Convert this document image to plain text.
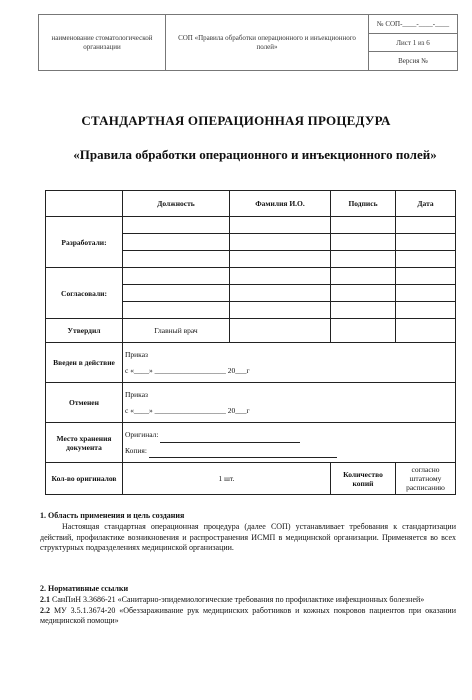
наименование стоматологической организации
СОП «Правила обработки операционного и инъекционного полей»
№ СОП-____-____-____
Лист 1 из 6
Версия №
СТАНДАРТНАЯ ОПЕРАЦИОННАЯ ПРОЦЕДУРА
«Правила обработки операционного и инъекционного полей»
	Должность	Фамилия И.О.	Подпись	Дата
Разработали:				

Согласовали:				

Утвердил	Главный врач			
Введен в действие	Приказ
с «____» ___________________ 20___г			

Отменен	Приказ
с «____» ___________________ 20___г			

Место хранения документа	Оригинал:
Копия:			

Кол-во оригиналов	1 шт.		Количество копий	согласно штатному расписанию
1. Область применения и цель создания
Настоящая стандартная операционная процедура (далее СОП) устанавливает требования к стандартизации действий, профилактике возникновения и распространения ИСМП в медицинской организации. Применяется во всех структурных подразделениях медицинской организации.
2. Нормативные ссылки
2.1 СанПиН 3.3686-21 «Санитарно-эпидемиологические требования по профилактике инфекционных болезней»
2.2 МУ 3.5.1.3674-20 «Обеззараживание рук медицинских работников и кожных покровов пациентов при оказании медицинской помощи»
